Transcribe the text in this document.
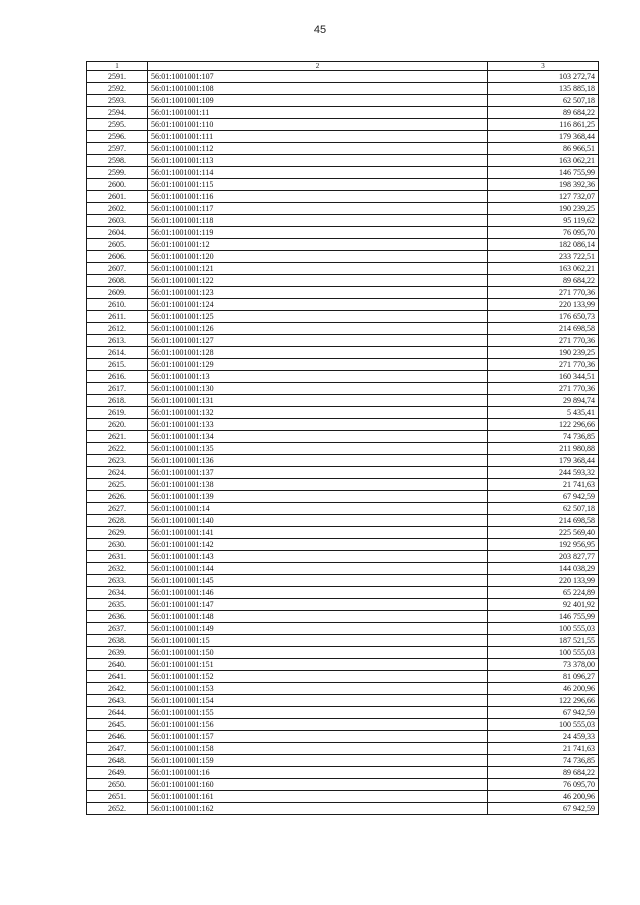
45
1	2	3
2591.	56:01:1001001:107	103 272,74
2592.	56:01:1001001:108	135 885,18
2593.	56:01:1001001:109	62 507,18
2594.	56:01:1001001:11	89 684,22
2595.	56:01:1001001:110	116 861,25
2596.	56:01:1001001:111	179 368,44
2597.	56:01:1001001:112	86 966,51
2598.	56:01:1001001:113	163 062,21
2599.	56:01:1001001:114	146 755,99
2600.	56:01:1001001:115	198 392,36
2601.	56:01:1001001:116	127 732,07
2602.	56:01:1001001:117	190 239,25
2603.	56:01:1001001:118	95 119,62
2604.	56:01:1001001:119	76 095,70
2605.	56:01:1001001:12	182 086,14
2606.	56:01:1001001:120	233 722,51
2607.	56:01:1001001:121	163 062,21
2608.	56:01:1001001:122	89 684,22
2609.	56:01:1001001:123	271 770,36
2610.	56:01:1001001:124	220 133,99
2611.	56:01:1001001:125	176 650,73
2612.	56:01:1001001:126	214 698,58
2613.	56:01:1001001:127	271 770,36
2614.	56:01:1001001:128	190 239,25
2615.	56:01:1001001:129	271 770,36
2616.	56:01:1001001:13	160 344,51
2617.	56:01:1001001:130	271 770,36
2618.	56:01:1001001:131	29 894,74
2619.	56:01:1001001:132	5 435,41
2620.	56:01:1001001:133	122 296,66
2621.	56:01:1001001:134	74 736,85
2622.	56:01:1001001:135	211 980,88
2623.	56:01:1001001:136	179 368,44
2624.	56:01:1001001:137	244 593,32
2625.	56:01:1001001:138	21 741,63
2626.	56:01:1001001:139	67 942,59
2627.	56:01:1001001:14	62 507,18
2628.	56:01:1001001:140	214 698,58
2629.	56:01:1001001:141	225 569,40
2630.	56:01:1001001:142	192 956,95
2631.	56:01:1001001:143	203 827,77
2632.	56:01:1001001:144	144 038,29
2633.	56:01:1001001:145	220 133,99
2634.	56:01:1001001:146	65 224,89
2635.	56:01:1001001:147	92 401,92
2636.	56:01:1001001:148	146 755,99
2637.	56:01:1001001:149	100 555,03
2638.	56:01:1001001:15	187 521,55
2639.	56:01:1001001:150	100 555,03
2640.	56:01:1001001:151	73 378,00
2641.	56:01:1001001:152	81 096,27
2642.	56:01:1001001:153	46 200,96
2643.	56:01:1001001:154	122 296,66
2644.	56:01:1001001:155	67 942,59
2645.	56:01:1001001:156	100 555,03
2646.	56:01:1001001:157	24 459,33
2647.	56:01:1001001:158	21 741,63
2648.	56:01:1001001:159	74 736,85
2649.	56:01:1001001:16	89 684,22
2650.	56:01:1001001:160	76 095,70
2651.	56:01:1001001:161	46 200,96
2652.	56:01:1001001:162	67 942,59
